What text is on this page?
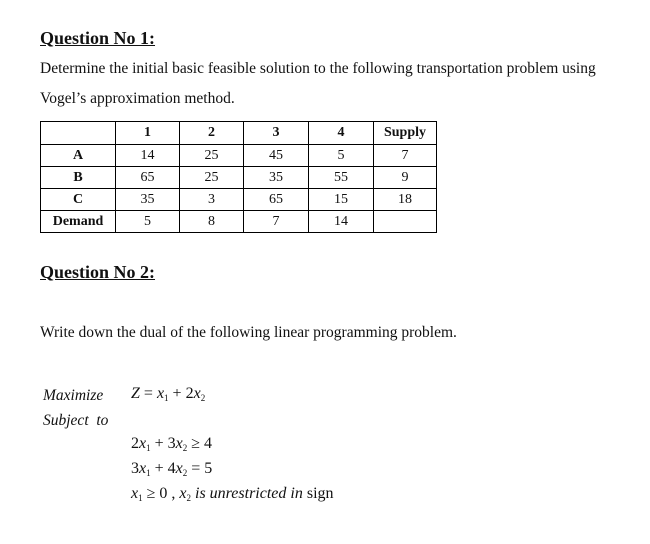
Question No 1:
Determine the initial basic feasible solution to the following transportation problem using
Vogel’s approximation method.
	1	2	3	4	Supply
A	14	25	45	5	7
B	65	25	35	55	9
C	35	3	65	15	18
Demand	5	8	7	14	
Question No 2:
Write down the dual of the following linear programming problem.
Maximize
Subject  to
$Z = x_1 + 2x_2$
$2x_1 + 3x_2 \ge 4$
$3x_1 + 4x_2 = 5$
$x_1 \ge 0$ , $x_2$ is unrestricted in sign
